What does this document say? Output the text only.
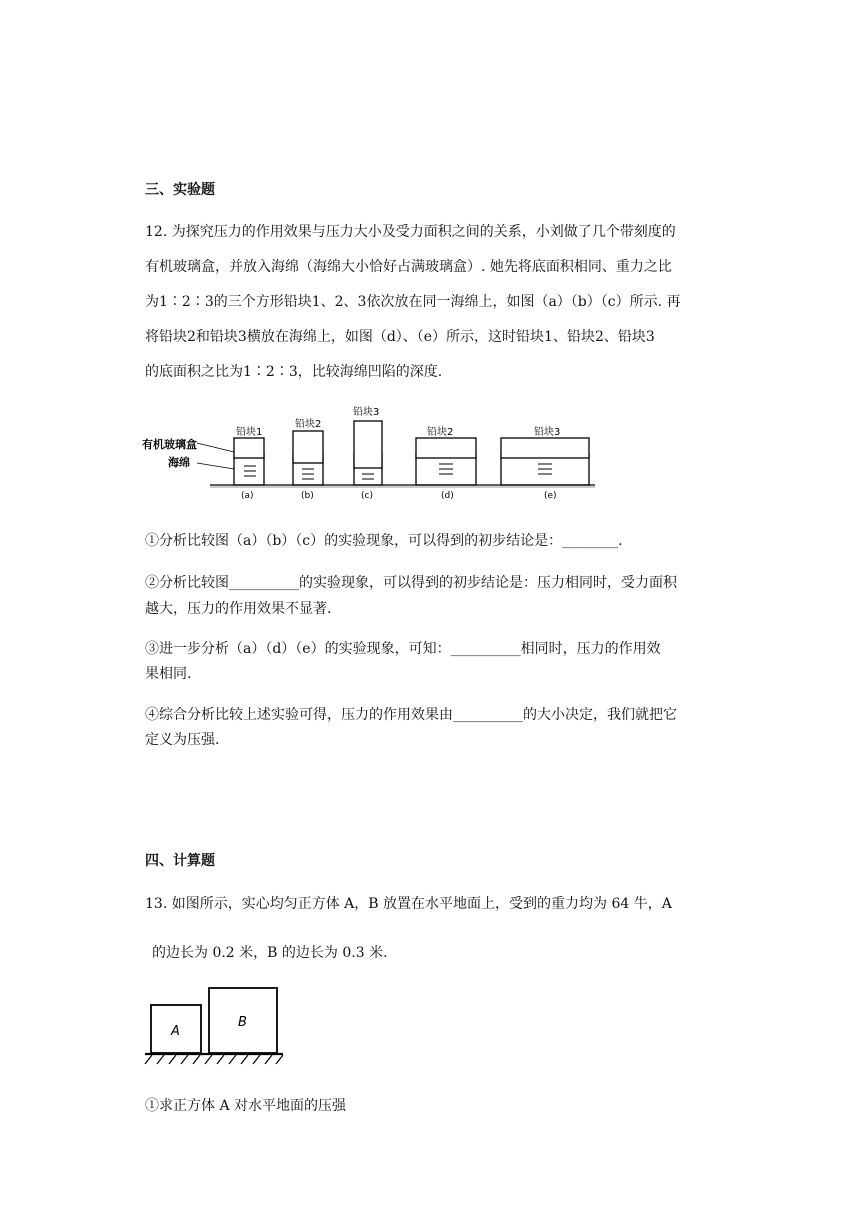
三、实验题
12. 为探究压力的作用效果与压力大小及受力面积之间的关系，小刘做了几个带刻度的
有机玻璃盒，并放入海绵（海绵大小恰好占满玻璃盒）. 她先将底面积相同、重力之比
为1∶2∶3的三个方形铅块1、2、3依次放在同一海绵上，如图（a）（b）（c）所示. 再
将铅块2和铅块3横放在海绵上，如图（d）、（e）所示，这时铅块1、铅块2、铅块3
的底面积之比为1∶2∶3，比较海绵凹陷的深度.
有机玻璃盒
海绵
铅块1
(a)
铅块2
(b)
铅块3
(c)
铅块2
(d)
铅块3
(e)
①分析比较图（a）（b）（c）的实验现象，可以得到的初步结论是：________.
②分析比较图__________的实验现象，可以得到的初步结论是：压力相同时，受力面积
越大，压力的作用效果不显著.
③进一步分析（a）（d）（e）的实验现象，可知：__________相同时，压力的作用效
果相同.
④综合分析比较上述实验可得，压力的作用效果由__________的大小决定，我们就把它
定义为压强.
四、计算题
13. 如图所示，实心均匀正方体 A，B 放置在水平地面上，受到的重力均为 64 牛，A
的边长为 0.2 米，B 的边长为 0.3 米.
A
B
①求正方体 A 对水平地面的压强
